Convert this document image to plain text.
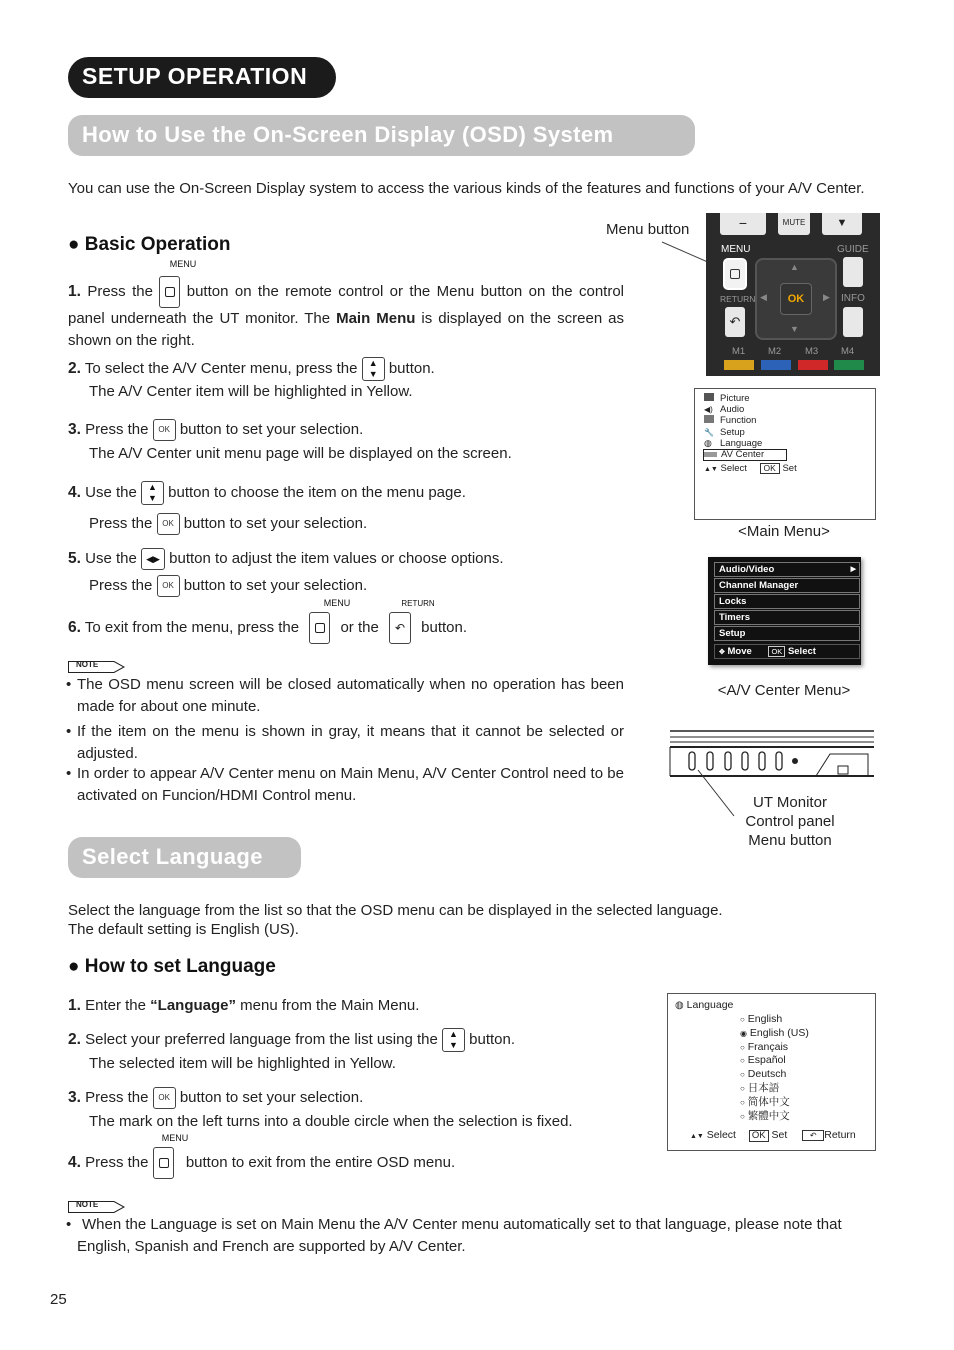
SETUP OPERATION
How to Use the On-Screen Display (OSD) System
You can use the On-Screen Display system to access the various kinds of the features and functions of your A/V Center.
● Basic Operation
MENU
1. Press the button on the remote control or the Menu button on the control panel underneath the UT monitor. The Main Menu is displayed on the screen as shown on the right.
2. To select the A/V Center menu, press the ▲
▼ button.
The A/V Center item will be highlighted in Yellow.
3. Press the OK button to set your selection.
The A/V Center unit menu page will be displayed on the screen.
4. Use the ▲
▼ button to choose the item on the menu page.
Press the OK button to set your selection.
5. Use the ◀▶ button to adjust the item values or choose options.
Press the OK button to set your selection.
MENU	RETURN
6. To exit from the menu, press the	or the ↶ button.
NOTE
• The OSD menu screen will be closed automatically when no operation has been made for about one minute.
• If the item on the menu is shown in gray, it means that it cannot be selected or adjusted.
• In order to appear A/V Center menu on Main Menu, A/V Center Control need to be activated on Funcion/HDMI Control menu.
Menu button	−	MUTE	▼
MENU	GUIDE
RETURN	INFO
↶
▲
▼
◀	▶
OK
M1 M2	M3 M4
Picture
◀) Audio
Function
🔧 Setup
◍ Language
AV Center
▲▼ Select OK Set
<Main Menu>
Audio/Video	▶
Channel Manager
Locks
Timers
Setup
✥ Move	OK Select
<A/V Center Menu>
UT Monitor
Control panel
Menu button
Select Language
Select the language from the list so that the OSD menu can be displayed in the selected language.
The default setting is English (US).
● How to set Language
1. Enter the “Language” menu from the Main Menu.
2. Select your preferred language from the list using the ▲
▼ button.
The selected item will be highlighted in Yellow.
3. Press the OK button to set your selection.
The mark on the left turns into a double circle when the selection is fixed.
MENU
4. Press the button to exit from the entire OSD menu.
◍ Language
○ English
◉ English (US)
○ Français
○ Español
○ Deutsch
○ 日本語
○ 简体中文
○ 繁體中文
▲▼ Select OK Set	↶ Return
NOTE
• When the Language is set on Main Menu the A/V Center menu automatically set to that language, please note that English, Spanish and French are supported by A/V Center.
25
